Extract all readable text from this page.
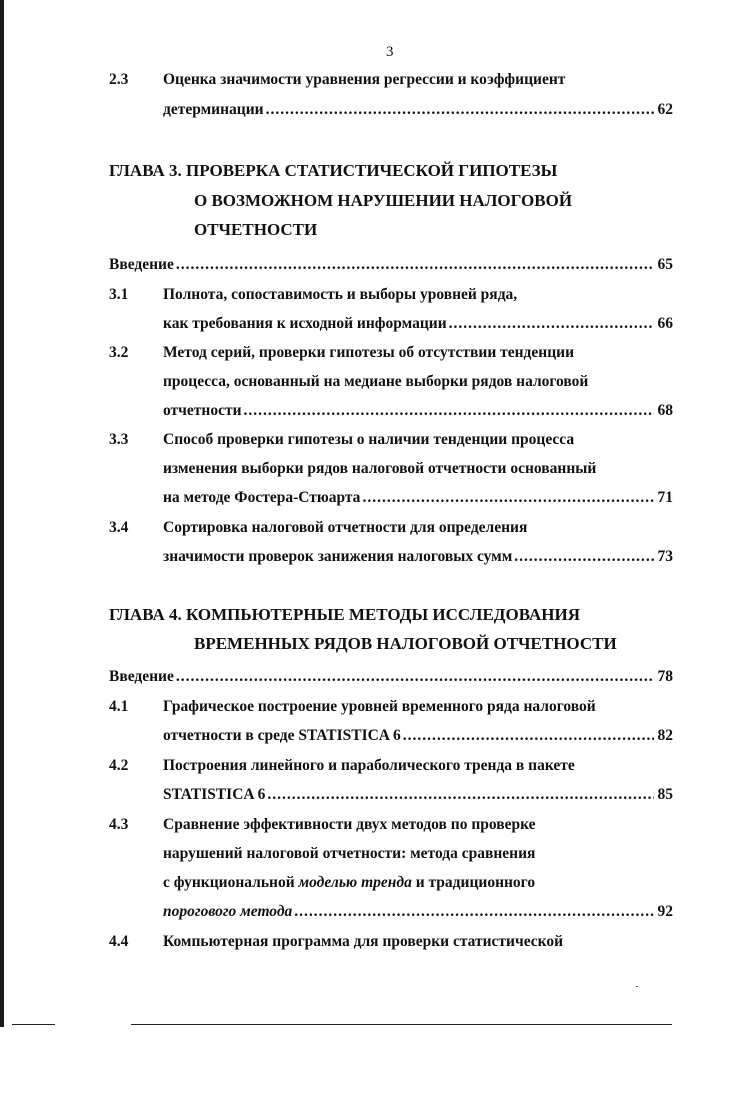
3
2.3 Оценка значимости уравнения регрессии и коэффициент
детерминации .....	62
ГЛАВА 3. ПРОВЕРКА СТАТИСТИЧЕСКОЙ ГИПОТЕЗЫ
О ВОЗМОЖНОМ НАРУШЕНИИ НАЛОГОВОЙ
ОТЧЕТНОСТИ
Введение .....	65
3.1 Полнота, сопоставимость и выборы уровней ряда,
как требования к исходной информации .....	66
3.2 Метод серий, проверки гипотезы об отсутствии тенденции
процесса, основанный на медиане выборки рядов налоговой
отчетности .....	68
3.3 Способ проверки гипотезы о наличии тенденции процесса
изменения выборки рядов налоговой отчетности основанный
на методе Фостера-Стюарта .....	71
3.4 Сортировка налоговой отчетности для определения
значимости проверок занижения налоговых сумм .....	73
ГЛАВА 4. КОМПЬЮТЕРНЫЕ МЕТОДЫ ИССЛЕДОВАНИЯ
ВРЕМЕННЫХ РЯДОВ НАЛОГОВОЙ ОТЧЕТНОСТИ
Введение .....	78
4.1 Графическое построение уровней временного ряда налоговой
отчетности в среде STATISTICA 6 .....	82
4.2 Построения линейного и параболического тренда в пакете
STATISTICA 6 .....	85
4.3 Сравнение эффективности двух методов по проверке
нарушений налоговой отчетности: метода сравнения
с функциональной моделью тренда и традиционного
порогового метода .....	92
4.4 Компьютерная программа для проверки статистической
